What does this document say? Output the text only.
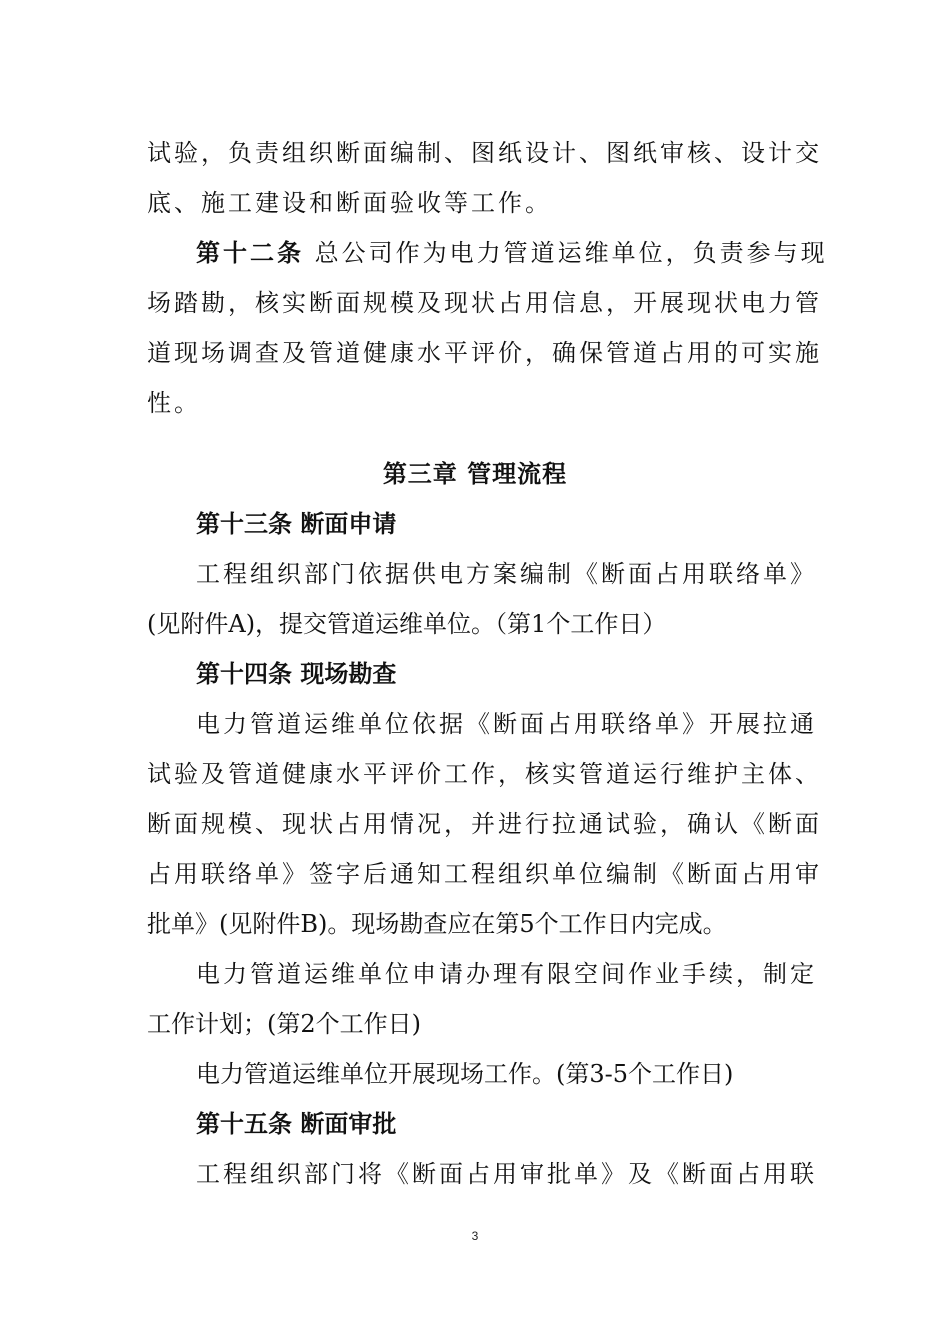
试验，负责组织断面编制、图纸设计、图纸审核、设计交
底、施工建设和断面验收等工作。
第十二条 总公司作为电力管道运维单位，负责参与现
场踏勘，核实断面规模及现状占用信息，开展现状电力管
道现场调查及管道健康水平评价，确保管道占用的可实施
性。
第三章 管理流程
第十三条 断面申请
工程组织部门依据供电方案编制《断面占用联络单》
(见附件A)，提交管道运维单位。（第1个工作日）
第十四条 现场勘查
电力管道运维单位依据《断面占用联络单》开展拉通
试验及管道健康水平评价工作，核实管道运行维护主体、
断面规模、现状占用情况，并进行拉通试验，确认《断面
占用联络单》签字后通知工程组织单位编制《断面占用审
批单》(见附件B)。现场勘查应在第5个工作日内完成。
电力管道运维单位申请办理有限空间作业手续，制定
工作计划；(第2个工作日)
电力管道运维单位开展现场工作。(第3-5个工作日)
第十五条 断面审批
工程组织部门将《断面占用审批单》及《断面占用联
3
